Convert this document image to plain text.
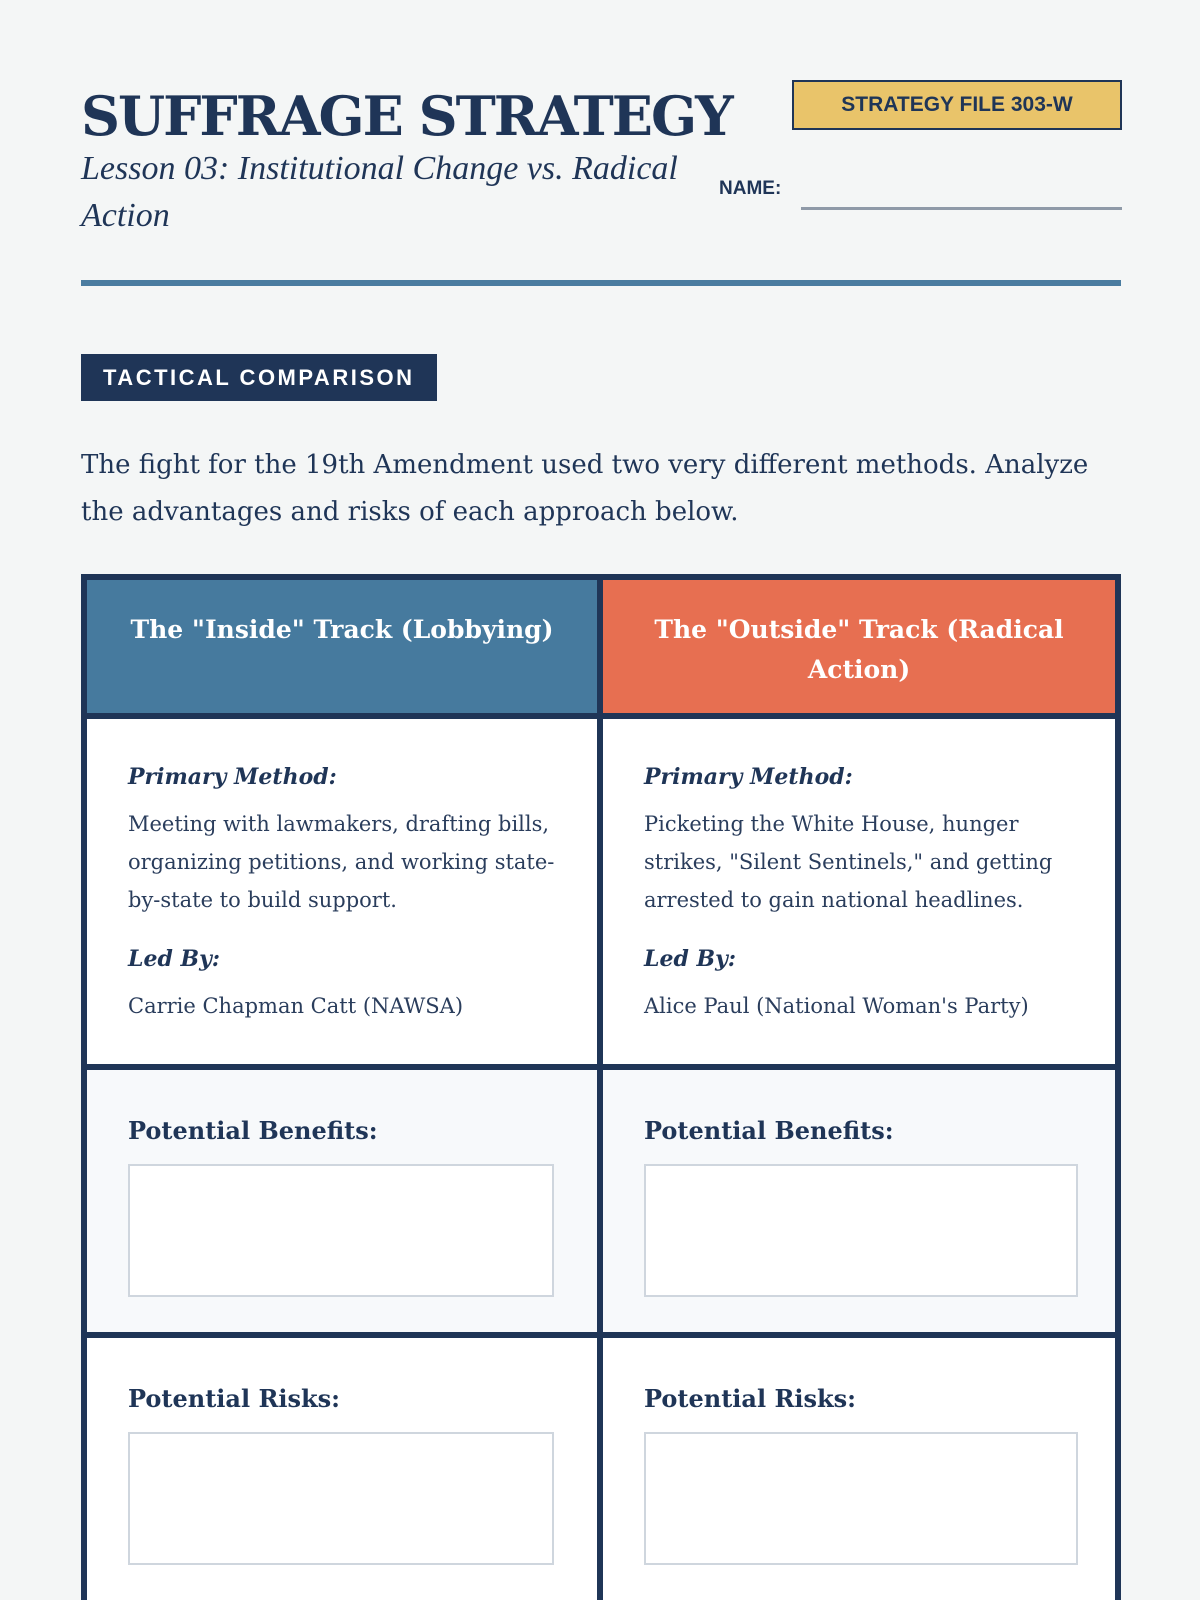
SUFFRAGE STRATEGY
Lesson 03: Institutional Change vs. Radical Action
STRATEGY FILE 303-W
NAME:
TACTICAL COMPARISON

The fight for the 19th Amendment used two very different methods. Analyze the advantages and risks of each approach below.

The "Inside" Track (Lobbying)
Primary Method:
Meeting with lawmakers, drafting bills, organizing petitions, and working state-by-state to build support.
Led By:
Carrie Chapman Catt (NAWSA)
Potential Benefits:
Potential Risks:
The "Outside" Track (Radical Action)
Primary Method:
Picketing the White House, hunger strikes, "Silent Sentinels," and getting arrested to gain national headlines.
Led By:
Alice Paul (National Woman's Party)
Potential Benefits:
Potential Risks:
